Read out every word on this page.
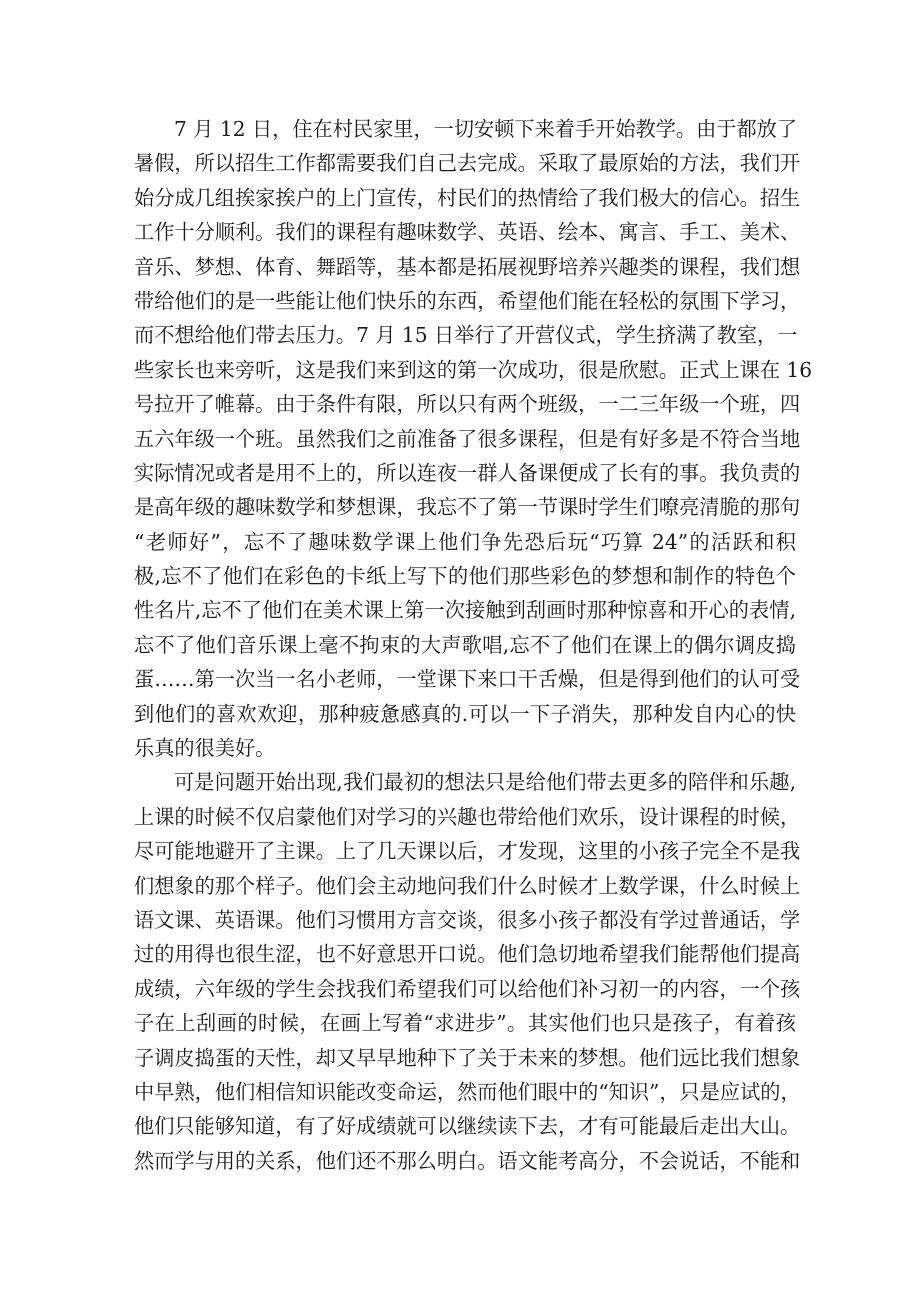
7 月 12 日，住在村民家里，一切安顿下来着手开始教学。由于都放了
暑假，所以招生工作都需要我们自己去完成。采取了最原始的方法，我们开
始分成几组挨家挨户的上门宣传，村民们的热情给了我们极大的信心。招生
工作十分顺利。我们的课程有趣味数学、英语、绘本、寓言、手工、美术、
音乐、梦想、体育、舞蹈等，基本都是拓展视野培养兴趣类的课程，我们想
带给他们的是一些能让他们快乐的东西，希望他们能在轻松的氛围下学习，
而不想给他们带去压力。7 月 15 日举行了开营仪式，学生挤满了教室，一
些家长也来旁听，这是我们来到这的第一次成功，很是欣慰。正式上课在 16
号拉开了帷幕。由于条件有限，所以只有两个班级，一二三年级一个班，四
五六年级一个班。虽然我们之前准备了很多课程，但是有好多是不符合当地
实际情况或者是用不上的，所以连夜一群人备课便成了长有的事。我负责的
是高年级的趣味数学和梦想课，我忘不了第一节课时学生们嘹亮清脆的那句
“老师好”，忘不了趣味数学课上他们争先恐后玩“巧算 24”的活跃和积
极,忘不了他们在彩色的卡纸上写下的他们那些彩色的梦想和制作的特色个
性名片,忘不了他们在美术课上第一次接触到刮画时那种惊喜和开心的表情,
忘不了他们音乐课上毫不拘束的大声歌唱,忘不了他们在课上的偶尔调皮捣
蛋……第一次当一名小老师，一堂课下来口干舌燥，但是得到他们的认可受
到他们的喜欢欢迎，那种疲惫感真的.可以一下子消失，那种发自内心的快
乐真的很美好。
可是问题开始出现,我们最初的想法只是给他们带去更多的陪伴和乐趣,
上课的时候不仅启蒙他们对学习的兴趣也带给他们欢乐，设计课程的时候，
尽可能地避开了主课。上了几天课以后，才发现，这里的小孩子完全不是我
们想象的那个样子。他们会主动地问我们什么时候才上数学课，什么时候上
语文课、英语课。他们习惯用方言交谈，很多小孩子都没有学过普通话，学
过的用得也很生涩，也不好意思开口说。他们急切地希望我们能帮他们提高
成绩，六年级的学生会找我们希望我们可以给他们补习初一的内容，一个孩
子在上刮画的时候，在画上写着“求进步”。其实他们也只是孩子，有着孩
子调皮捣蛋的天性，却又早早地种下了关于未来的梦想。他们远比我们想象
中早熟，他们相信知识能改变命运，然而他们眼中的“知识”，只是应试的，
他们只能够知道，有了好成绩就可以继续读下去，才有可能最后走出大山。
然而学与用的关系，他们还不那么明白。语文能考高分，不会说话，不能和
